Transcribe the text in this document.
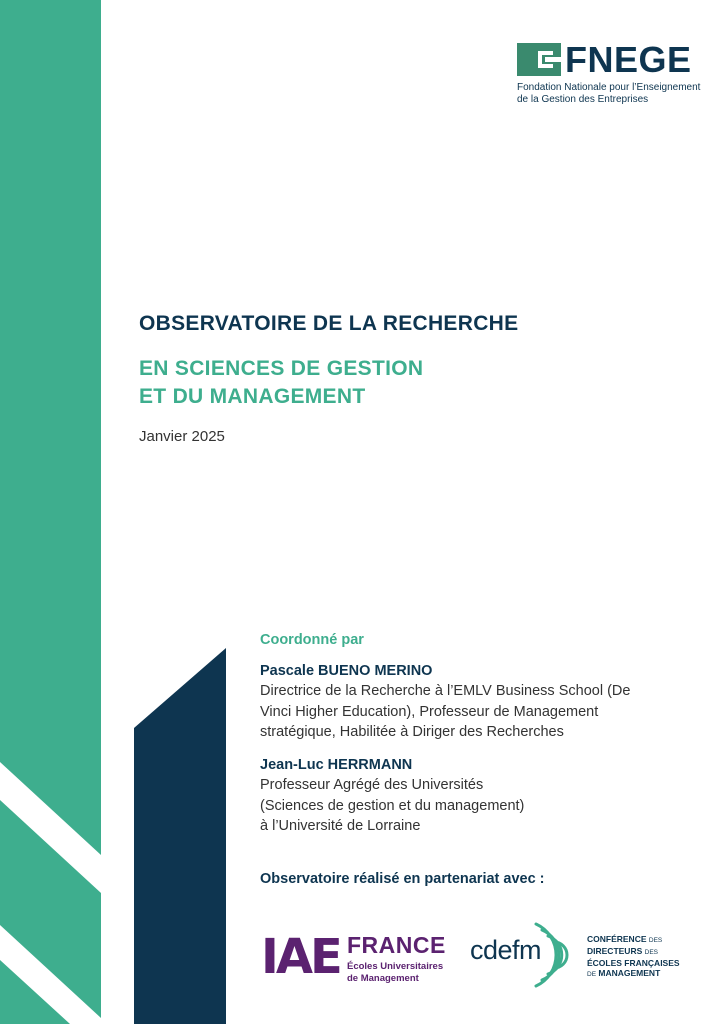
FNEGE
Fondation Nationale pour l’Enseignement
de la Gestion des Entreprises
OBSERVATOIRE DE LA RECHERCHE
EN SCIENCES DE GESTION
ET DU MANAGEMENT
Janvier 2025
Coordonné par
Pascale BUENO MERINO
Directrice de la Recherche à l’EMLV Business School (De
Vinci Higher Education), Professeur de Management
stratégique, Habilitée à Diriger des Recherches
Jean-Luc HERRMANN
Professeur Agrégé des Universités
(Sciences de gestion et du management)
à l’Université de Lorraine
Observatoire réalisé en partenariat avec :
IAE FRANCE
Écoles Universitaires
de Management
cdefm	CONFÉRENCE DES
DIRECTEURS DES
ÉCOLES FRANÇAISES
DE MANAGEMENT
